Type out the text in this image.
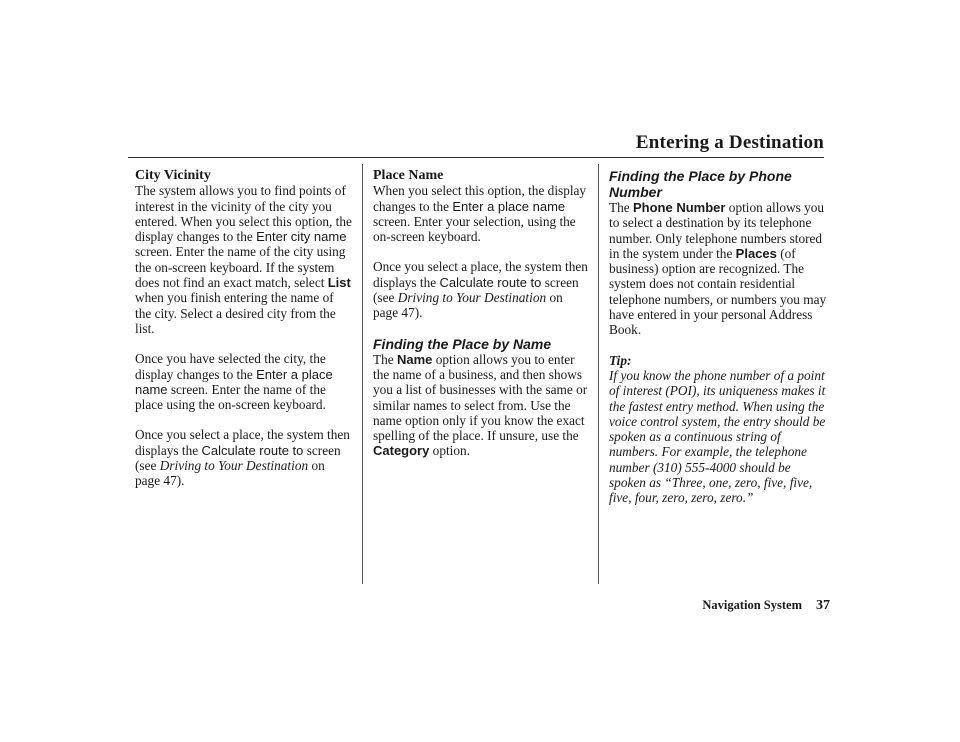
Entering a Destination
City Vicinity

The system allows you to find points of interest in the vicinity of the city you entered. When you select this option, the display changes to the Enter city name screen. Enter the name of the city using the on-screen keyboard. If the system does not find an exact match, select List when you finish entering the name of the city. Select a desired city from the list.

Once you have selected the city, the display changes to the Enter a place name screen. Enter the name of the place using the on-screen keyboard.

Once you select a place, the system then displays the Calculate route to screen (see Driving to Your Destination on page 47).

Place Name

When you select this option, the display changes to the Enter a place name screen. Enter your selection, using the on-screen keyboard.

Once you select a place, the system then displays the Calculate route to screen (see Driving to Your Destination on page 47).

Finding the Place by Name

The Name option allows you to enter the name of a business, and then shows you a list of businesses with the same or similar names to select from. Use the name option only if you know the exact spelling of the place. If unsure, use the Category option.

Finding the Place by Phone Number

The Phone Number option allows you to select a destination by its telephone number. Only telephone numbers stored in the system under the Places (of business) option are recognized. The system does not contain residential telephone numbers, or numbers you may have entered in your personal Address Book.

Tip:
If you know the phone number of a point of interest (POI), its uniqueness makes it the fastest entry method. When using the voice control system, the entry should be spoken as a continuous string of numbers. For example, the telephone number (310) 555-4000 should be spoken as “Three, one, zero, five, five, five, four, zero, zero, zero.”
Navigation System 37
